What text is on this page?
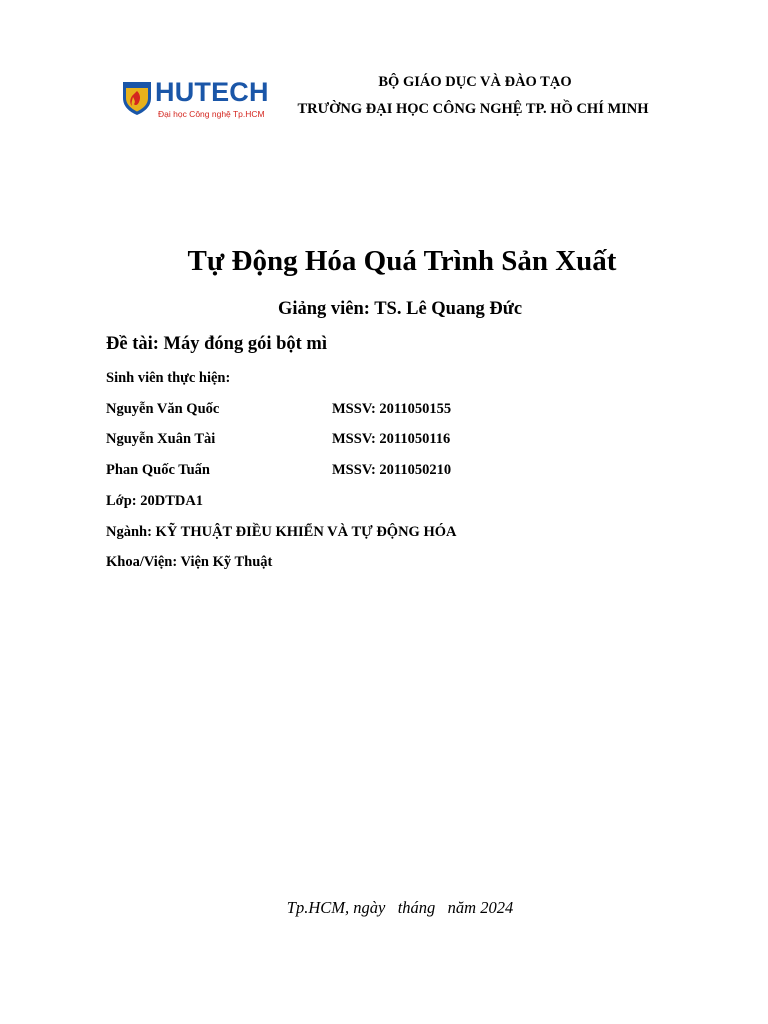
HUTECH
Đại học Công nghệ Tp.HCM
BỘ GIÁO DỤC VÀ ĐÀO TẠO
TRƯỜNG ĐẠI HỌC CÔNG NGHỆ TP. HỒ CHÍ MINH
Tự Động Hóa Quá Trình Sản Xuất
Giảng viên: TS. Lê Quang Đức
Đề tài: Máy đóng gói bột mì
Sinh viên thực hiện:
Nguyễn Văn Quốc	MSSV: 2011050155
Nguyễn Xuân Tài	MSSV: 2011050116
Phan Quốc Tuấn	MSSV: 2011050210
Lớp: 20DTDA1
Ngành: KỸ THUẬT ĐIỀU KHIỂN VÀ TỰ ĐỘNG HÓA
Khoa/Viện: Viện Kỹ Thuật
Tp.HCM, ngày   tháng   năm 2024
